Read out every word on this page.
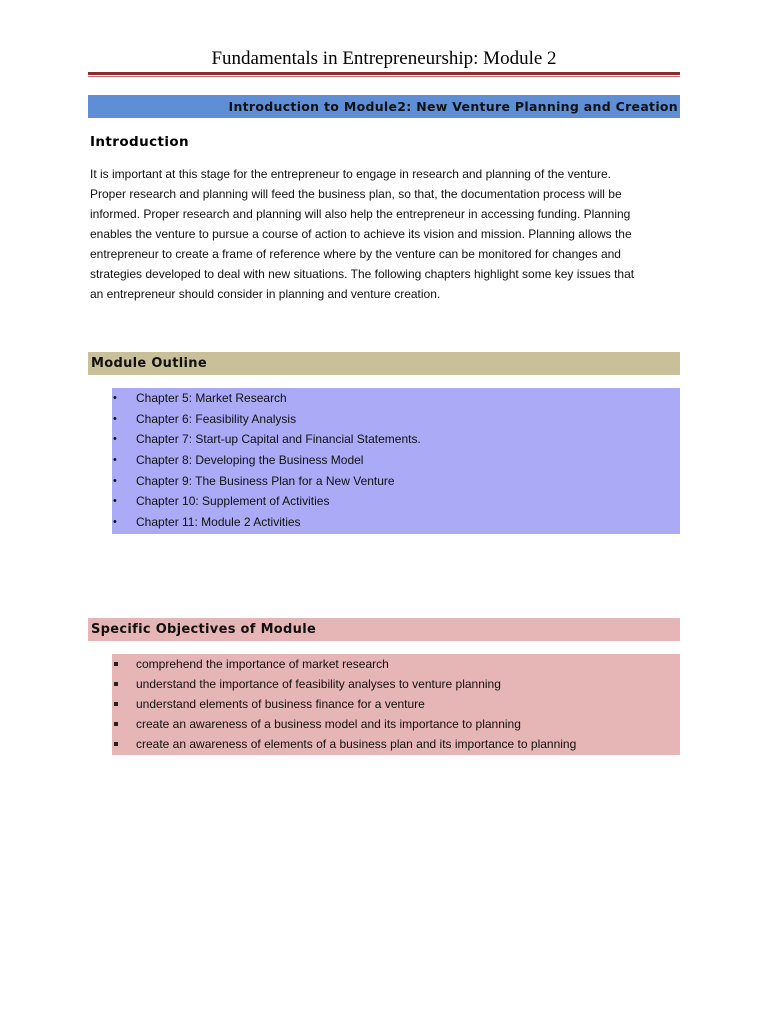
Fundamentals in Entrepreneurship: Module 2
Introduction to Module2: New Venture Planning and Creation
Introduction

It is important at this stage for the entrepreneur to engage in research and planning of the venture.
Proper research and planning will feed the business plan, so that, the documentation process will be
informed. Proper research and planning will also help the entrepreneur in accessing funding. Planning
enables the venture to pursue a course of action to achieve its vision and mission. Planning allows the
entrepreneur to create a frame of reference where by the venture can be monitored for changes and
strategies developed to deal with new situations. The following chapters highlight some key issues that
an entrepreneur should consider in planning and venture creation.

Module Outline
• Chapter 5: Market Research
• Chapter 6: Feasibility Analysis
• Chapter 7: Start-up Capital and Financial Statements.
• Chapter 8: Developing the Business Model
• Chapter 9: The Business Plan for a New Venture
• Chapter 10: Supplement of Activities
• Chapter 11: Module 2 Activities
Specific Objectives of Module
comprehend the importance of market research
understand the importance of feasibility analyses to venture planning
understand elements of business finance for a venture
create an awareness of a business model and its importance to planning
create an awareness of elements of a business plan and its importance to planning
